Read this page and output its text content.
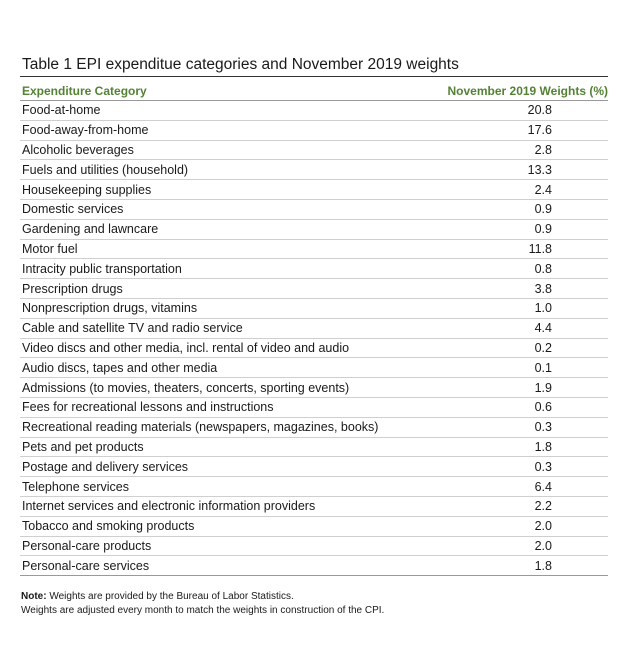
Table 1 EPI expenditue categories and November 2019 weights
Expenditure Category	November 2019 Weights (%)
Food-at-home	20.8
Food-away-from-home	17.6
Alcoholic beverages	2.8
Fuels and utilities (household)	13.3
Housekeeping supplies	2.4
Domestic services	0.9
Gardening and lawncare	0.9
Motor fuel	11.8
Intracity public transportation	0.8
Prescription drugs	3.8
Nonprescription drugs, vitamins	1.0
Cable and satellite TV and radio service	4.4
Video discs and other media, incl. rental of video and audio	0.2
Audio discs, tapes and other media	0.1
Admissions (to movies, theaters, concerts, sporting events)	1.9
Fees for recreational lessons and instructions	0.6
Recreational reading materials (newspapers, magazines, books)	0.3
Pets and pet products	1.8
Postage and delivery services	0.3
Telephone services	6.4
Internet services and electronic information providers	2.2
Tobacco and smoking products	2.0
Personal-care products	2.0
Personal-care services	1.8
Note: Weights are provided by the Bureau of Labor Statistics.
Weights are adjusted every month to match the weights in construction of the CPI.
